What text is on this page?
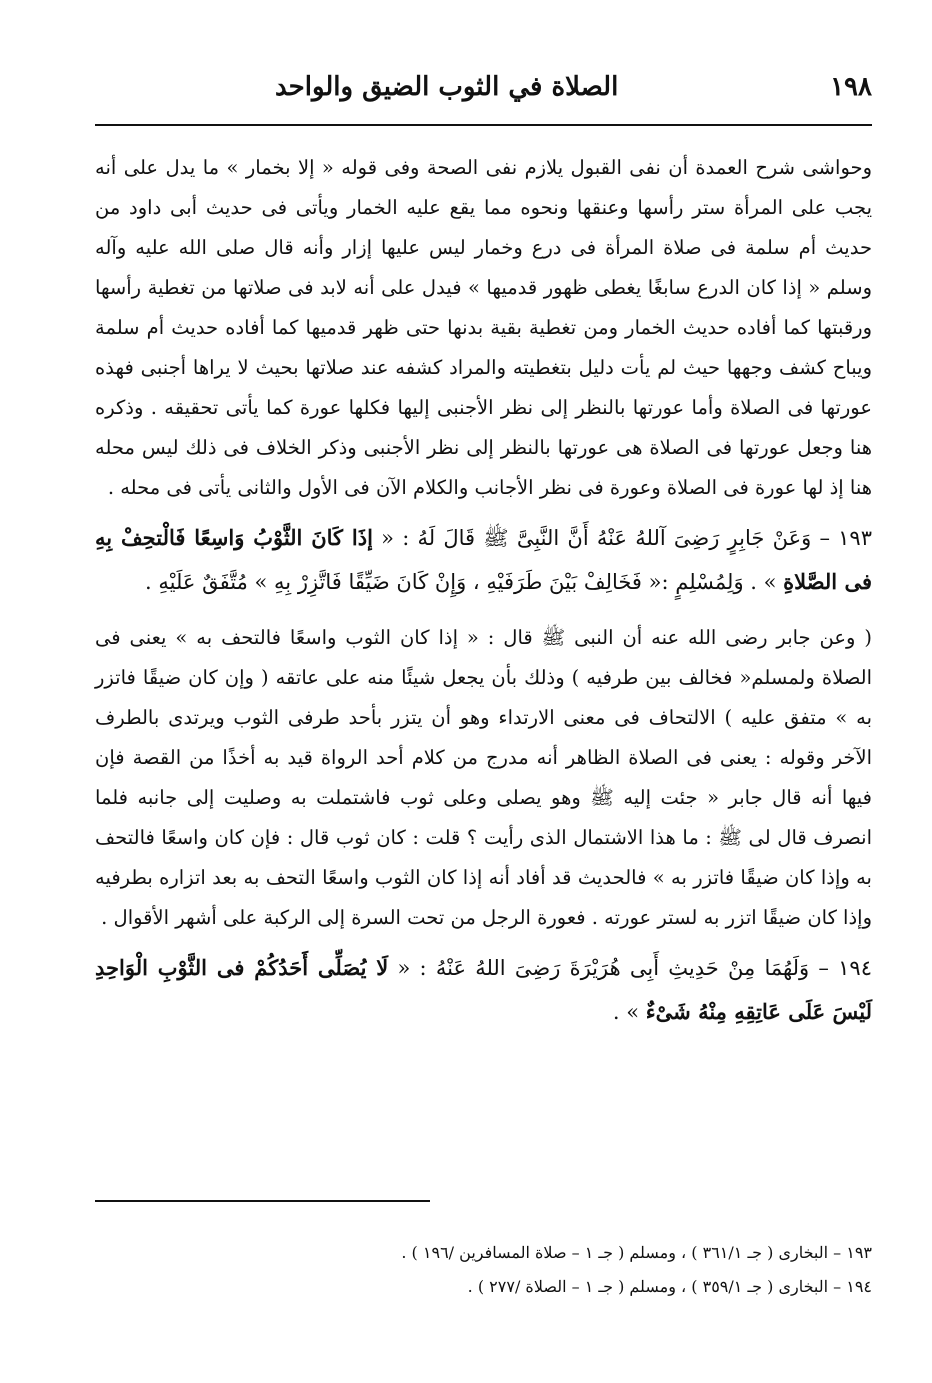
١٩٨
الصلاة في الثوب الضيق والواحد

وحواشى شرح العمدة أن نفى القبول يلازم نفى الصحة وفى قوله « إلا بخمار » ما يدل على أنه يجب على المرأة ستر رأسها وعنقها ونحوه مما يقع عليه الخمار ويأتى فى حديث أبى داود من حديث أم سلمة فى صلاة المرأة فى درع وخمار ليس عليها إزار وأنه قال صلى الله عليه وآله وسلم « إذا كان الدرع سابغًا يغطى ظهور قدميها » فيدل على أنه لابد فى صلاتها من تغطية رأسها ورقبتها كما أفاده حديث الخمار ومن تغطية بقية بدنها حتى ظهر قدميها كما أفاده حديث أم سلمة ويباح كشف وجهها حيث لم يأت دليل بتغطيته والمراد كشفه عند صلاتها بحيث لا يراها أجنبى فهذه عورتها فى الصلاة وأما عورتها بالنظر إلى نظر الأجنبى إليها فكلها عورة كما يأتى تحقيقه . وذكره هنا وجعل عورتها فى الصلاة هى عورتها بالنظر إلى نظر الأجنبى وذكر الخلاف فى ذلك ليس محله هنا إذ لها عورة فى الصلاة وعورة فى نظر الأجانب والكلام الآن فى الأول والثانى يأتى فى محله .

١٩٣ – وَعَنْ جَابِرٍ رَضِىَ آللهُ عَنْهُ أَنَّ النَّبِىَّ ﷺ قَالَ لَهُ : « إذَا كَانَ الثَّوْبُ وَاسِعًا فَالْتحِفْ بِهِ فى الصَّلاةِ » . وَلِمُسْلِمٍ :« فَخَالِفْ بَيْنَ طَرَفَيْهِ ، وَإِنْ كَانَ ضَيِّقًا فَاتَّزِرْ بِهِ » مُتَّفَقٌ عَلَيْهِ .

( وعن جابر رضى الله عنه أن النبى ﷺ قال : « إذا كان الثوب واسعًا فالتحف به » يعنى فى الصلاة ولمسلم« فخالف بين طرفيه ) وذلك بأن يجعل شيئًا منه على عاتقه ( وإن كان ضيقًا فاتزر به » متفق عليه ) الالتحاف فى معنى الارتداء وهو أن يتزر بأحد طرفى الثوب ويرتدى بالطرف الآخر وقوله : يعنى فى الصلاة الظاهر أنه مدرج من كلام أحد الرواة قيد به أخذًا من القصة فإن فيها أنه قال جابر « جئت إليه ﷺ وهو يصلى وعلى ثوب فاشتملت به وصليت إلى جانبه فلما انصرف قال لى ﷺ : ما هذا الاشتمال الذى رأيت ؟ قلت : كان ثوب قال : فإن كان واسعًا فالتحف به وإذا كان ضيقًا فاتزر به » فالحديث قد أفاد أنه إذا كان الثوب واسعًا التحف به بعد اتزاره بطرفيه وإذا كان ضيقًا اتزر به لستر عورته . فعورة الرجل من تحت السرة إلى الركبة على أشهر الأقوال .

١٩٤ – وَلَهُمَا مِنْ حَدِيثِ أَبِى هُرَيْرَةَ رَضِىَ اللهُ عَنْهُ : « لَا يُصَلِّى أَحَدُكُمْ فى الثَّوْبِ الْوَاحِدِ لَيْسَ عَلَى عَاتِقِهِ مِنْهُ شَىْءٌ » .

١٩٣ – البخارى ( جـ ٣٦١/١ ) ، ومسلم ( جـ ١ – صلاة المسافرين /١٩٦ ) .

١٩٤ – البخارى ( جـ ٣٥٩/١ ) ، ومسلم ( جـ ١ – الصلاة /٢٧٧ ) .
